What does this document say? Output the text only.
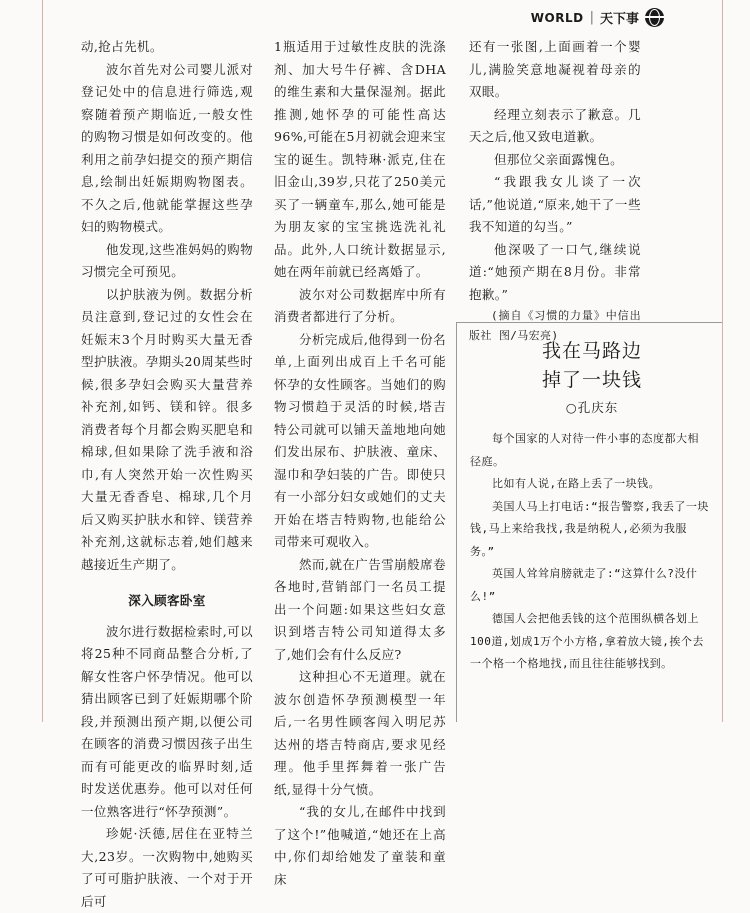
WORLD | 天下事

动,抢占先机。

波尔首先对公司婴儿派对登记处中的信息进行筛选,观察随着预产期临近,一般女性的购物习惯是如何改变的。他利用之前孕妇提交的预产期信息,绘制出妊娠期购物图表。不久之后,他就能掌握这些孕妇的购物模式。

他发现,这些准妈妈的购物习惯完全可预见。

以护肤液为例。数据分析员注意到,登记过的女性会在妊娠末3个月时购买大量无香型护肤液。孕期头20周某些时候,很多孕妇会购买大量营养补充剂,如钙、镁和锌。很多消费者每个月都会购买肥皂和棉球,但如果除了洗手液和浴巾,有人突然开始一次性购买大量无香香皂、棉球,几个月后又购买护肤水和锌、镁营养补充剂,这就标志着,她们越来越接近生产期了。

深入顾客卧室

波尔进行数据检索时,可以将25种不同商品整合分析,了解女性客户怀孕情况。他可以猜出顾客已到了妊娠期哪个阶段,并预测出预产期,以便公司在顾客的消费习惯因孩子出生而有可能更改的临界时刻,适时发送优惠券。他可以对任何一位熟客进行“怀孕预测”。

珍妮·沃德,居住在亚特兰大,23岁。一次购物中,她购买了可可脂护肤液、一个对于开后可

1瓶适用于过敏性皮肤的洗涤剂、加大号牛仔裤、含DHA的维生素和大量保湿剂。据此推测,她怀孕的可能性高达96%,可能在5月初就会迎来宝宝的诞生。凯特琳·派克,住在旧金山,39岁,只花了250美元买了一辆童车,那么,她可能是为朋友家的宝宝挑选洗礼礼品。此外,人口统计数据显示,她在两年前就已经离婚了。

波尔对公司数据库中所有消费者都进行了分析。

分析完成后,他得到一份名单,上面列出成百上千名可能怀孕的女性顾客。当她们的购物习惯趋于灵活的时候,塔吉特公司就可以铺天盖地地向她们发出尿布、护肤液、童床、湿巾和孕妇装的广告。即使只有一小部分妇女或她们的丈夫开始在塔吉特购物,也能给公司带来可观收入。

然而,就在广告雪崩般席卷各地时,营销部门一名员工提出一个问题:如果这些妇女意识到塔吉特公司知道得太多了,她们会有什么反应?

这种担心不无道理。就在波尔创造怀孕预测模型一年后,一名男性顾客闯入明尼苏达州的塔吉特商店,要求见经理。他手里挥舞着一张广告纸,显得十分气愤。

“我的女儿,在邮件中找到了这个!”他喊道,“她还在上高中,你们却给她发了童装和童床

还有一张图,上面画着一个婴儿,满脸笑意地凝视着母亲的双眼。

经理立刻表示了歉意。几天之后,他又致电道歉。

但那位父亲面露愧色。

“我跟我女儿谈了一次话,”他说道,“原来,她干了一些我不知道的勾当。”

他深吸了一口气,继续说道:“她预产期在8月份。非常抱歉。”

(摘自《习惯的力量》中信出版社 图/马宏亮)

我在马路边
掉了一块钱
○孔庆东

每个国家的人对待一件小事的态度都大相径庭。

比如有人说,在路上丢了一块钱。

美国人马上打电话:“报告警察,我丢了一块钱,马上来给我找,我是纳税人,必须为我服务。”

英国人耸耸肩膀就走了:“这算什么?没什么!”

德国人会把他丢钱的这个范围纵横各划上100道,划成1万个小方格,拿着放大镜,挨个去一个格一个格地找,而且往往能够找到。
